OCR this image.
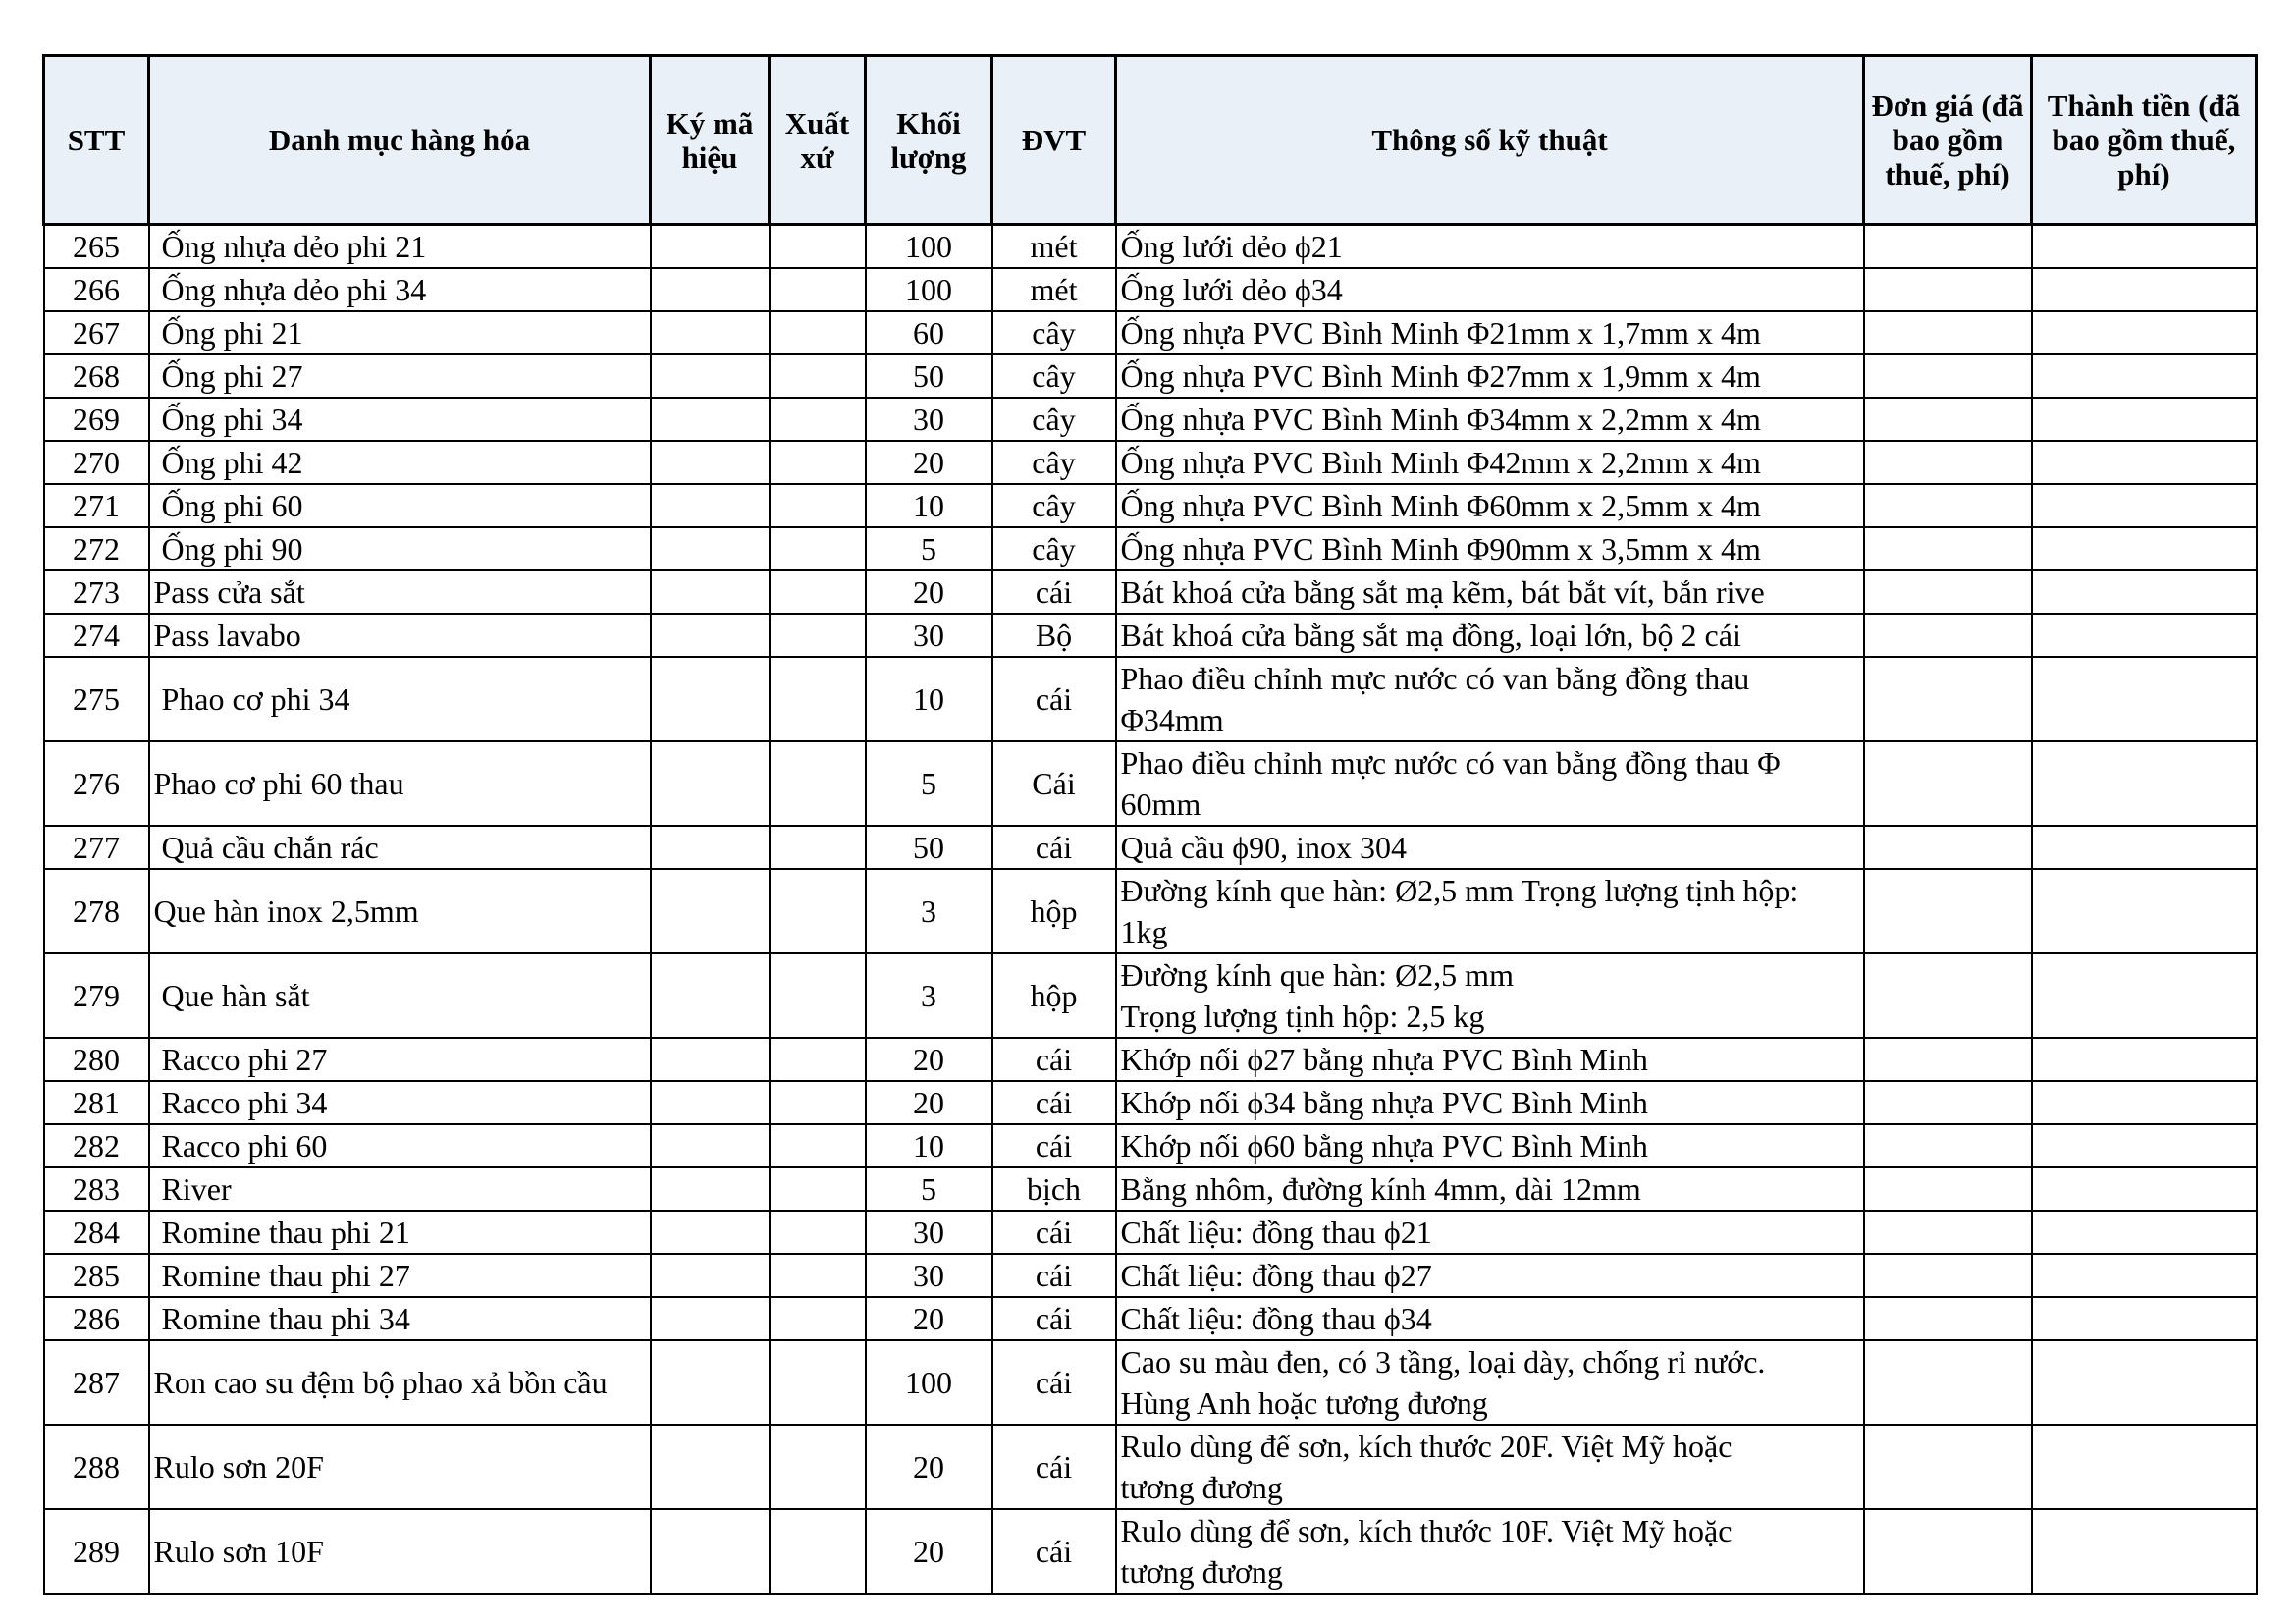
STT	Danh mục hàng hóa	Ký mã hiệu	Xuất xứ	Khối lượng	ĐVT	Thông số kỹ thuật	Đơn giá (đã bao gồm thuế, phí)	Thành tiền (đã bao gồm thuế, phí)
265	Ống nhựa dẻo phi 21			100	mét	Ống lưới dẻo ϕ21		

266	Ống nhựa dẻo phi 34			100	mét	Ống lưới dẻo ϕ34		

267	Ống phi 21			60	cây	Ống nhựa PVC Bình Minh Φ21mm x 1,7mm x 4m		

268	Ống phi 27			50	cây	Ống nhựa PVC Bình Minh Φ27mm x 1,9mm x 4m		

269	Ống phi 34			30	cây	Ống nhựa PVC Bình Minh Φ34mm x 2,2mm x 4m		

270	Ống phi 42			20	cây	Ống nhựa PVC Bình Minh Φ42mm x 2,2mm x 4m		

271	Ống phi 60			10	cây	Ống nhựa PVC Bình Minh Φ60mm x 2,5mm x 4m		

272	Ống phi 90			5	cây	Ống nhựa PVC Bình Minh Φ90mm x 3,5mm x 4m		

273	Pass cửa sắt			20	cái	Bát khoá cửa bằng sắt mạ kẽm, bát bắt vít, bắn rive		

274	Pass lavabo			30	Bộ	Bát khoá cửa bằng sắt mạ đồng, loại lớn, bộ 2 cái		

275	Phao cơ phi 34			10	cái	Phao điều chỉnh mực nước có van bằng đồng thau
Φ34mm		

276	Phao cơ phi 60 thau			5	Cái	Phao điều chỉnh mực nước có van bằng đồng thau Φ
60mm		

277	Quả cầu chắn rác			50	cái	Quả cầu ϕ90, inox 304		

278	Que hàn inox 2,5mm			3	hộp	Đường kính que hàn: Ø2,5 mm Trọng lượng tịnh hộp:
1kg		

279	Que hàn sắt			3	hộp	Đường kính que hàn: Ø2,5 mm
Trọng lượng tịnh hộp: 2,5 kg		

280	Racco phi 27			20	cái	Khớp nối ϕ27 bằng nhựa PVC Bình Minh		

281	Racco phi 34			20	cái	Khớp nối ϕ34 bằng nhựa PVC Bình Minh		

282	Racco phi 60			10	cái	Khớp nối ϕ60 bằng nhựa PVC Bình Minh		

283	River			5	bịch	Bằng nhôm, đường kính 4mm, dài 12mm		

284	Romine thau phi 21			30	cái	Chất liệu: đồng thau ϕ21		

285	Romine thau phi 27			30	cái	Chất liệu: đồng thau ϕ27		

286	Romine thau phi 34			20	cái	Chất liệu: đồng thau ϕ34		

287	Ron cao su đệm bộ phao xả bồn cầu			100	cái	Cao su màu đen, có 3 tầng, loại dày, chống rỉ nước.
Hùng Anh hoặc tương đương		

288	Rulo sơn 20F			20	cái	Rulo dùng để sơn, kích thước 20F. Việt Mỹ hoặc
tương đương		

289	Rulo sơn 10F			20	cái	Rulo dùng để sơn, kích thước 10F. Việt Mỹ hoặc
tương đương		
